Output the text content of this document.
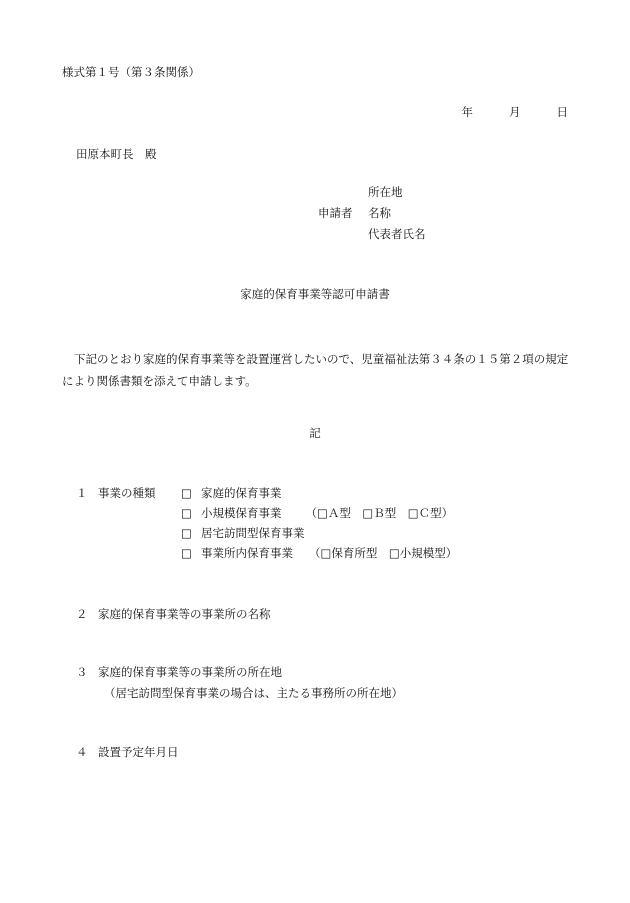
様式第１号（第３条関係）
年	月	日
田原本町長　殿
所在地
申請者	名称
代表者氏名
家庭的保育事業等認可申請書
下記のとおり家庭的保育事業等を設置運営したいので、児童福祉法第３４条の１５第２項の規定により関係書類を添えて申請します。
記
１ 事業の種類 □ 家庭的保育事業
□ 小規模保育事業 （□Ａ型　□Ｂ型　□Ｃ型）
□ 居宅訪問型保育事業
□ 事業所内保育事業 （□保育所型　□小規模型）
２ 家庭的保育事業等の事業所の名称
３ 家庭的保育事業等の事業所の所在地
（居宅訪問型保育事業の場合は、主たる事務所の所在地）
４ 設置予定年月日
